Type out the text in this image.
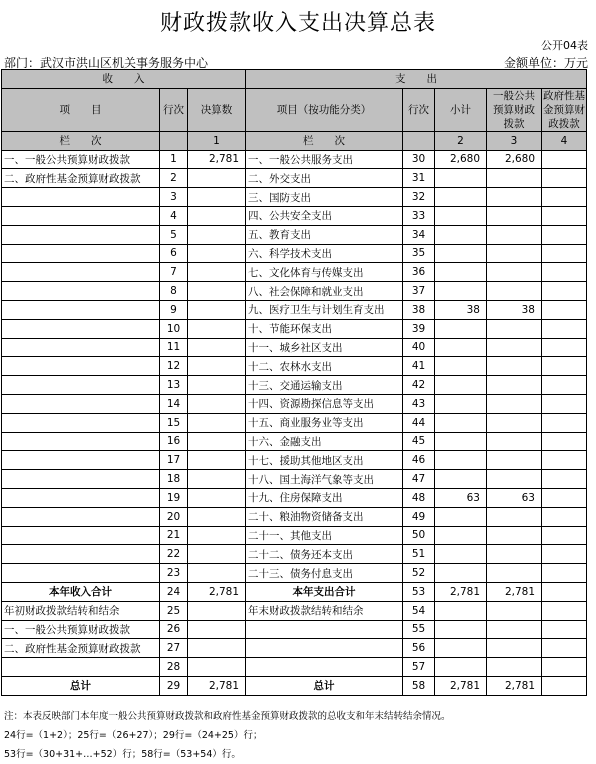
财政拨款收入支出决算总表
公开04表
部门：武汉市洪山区机关事务服务中心	金额单位：万元
收　　入			支　　出				
项　　目	行次	决算数	项目（按功能分类）	行次	小计	一般公共预算财政拨款	政府性基金预算财政拨款
栏　　次		1	栏　　次		2	3	4
一、一般公共预算财政拨款	1	2,781	一、一般公共服务支出	30	2,680	2,680	
二、政府性基金预算财政拨款	2		二、外交支出	31			
	3		三、国防支出	32			
	4		四、公共安全支出	33			
	5		五、教育支出	34			
	6		六、科学技术支出	35			
	7		七、文化体育与传媒支出	36			
	8		八、社会保障和就业支出	37			
	9		九、医疗卫生与计划生育支出	38	38	38	
	10		十、节能环保支出	39			
	11		十一、城乡社区支出	40			
	12		十二、农林水支出	41			
	13		十三、交通运输支出	42			
	14		十四、资源勘探信息等支出	43			
	15		十五、商业服务业等支出	44			
	16		十六、金融支出	45			
	17		十七、援助其他地区支出	46			
	18		十八、国土海洋气象等支出	47			
	19		十九、住房保障支出	48	63	63	
	20		二十、粮油物资储备支出	49			
	21		二十一、其他支出	50			
	22		二十二、债务还本支出	51			
	23		二十三、债务付息支出	52			
本年收入合计	24	2,781	本年支出合计	53	2,781	2,781	
年初财政拨款结转和结余	25		年末财政拨款结转和结余	54			
一、一般公共预算财政拨款	26			55			
二、政府性基金预算财政拨款	27			56			
	28			57			
总计	29	2,781	总计	58	2,781	2,781	
注：本表反映部门本年度一般公共预算财政拨款和政府性基金预算财政拨款的总收支和年末结转结余情况。
24行=（1+2）；25行=（26+27）；29行=（24+25）行；
53行=（30+31+…+52）行；58行=（53+54）行。
